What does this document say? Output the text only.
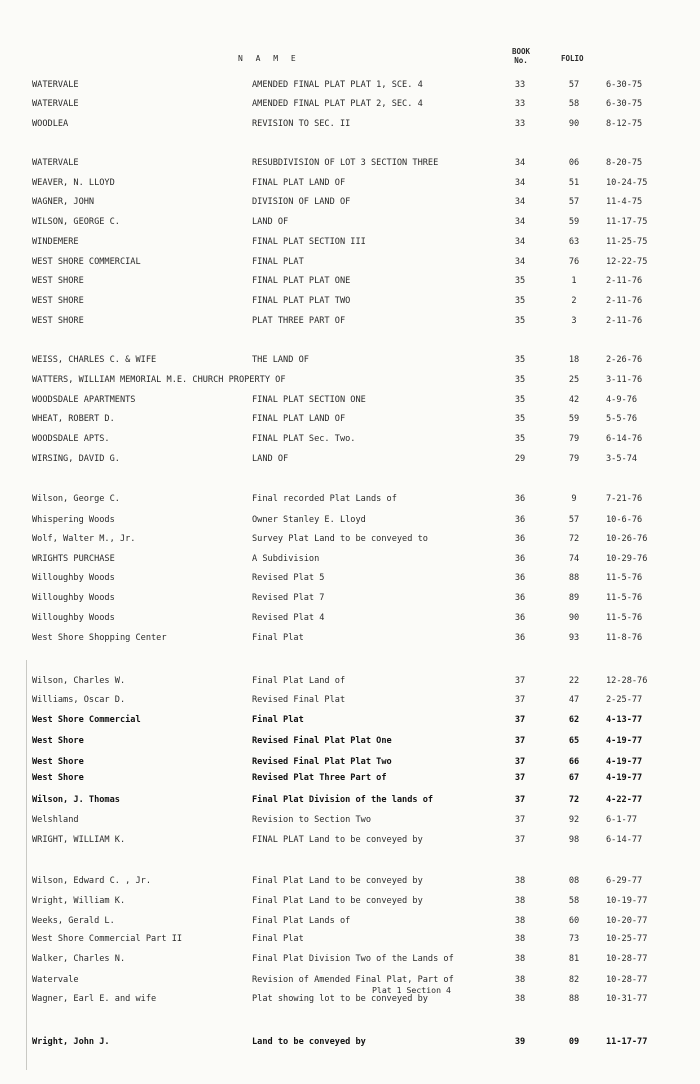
N A M E
BOOK
No.	FOLIO
WATERVALE	AMENDED FINAL PLAT PLAT 1, SCE. 4	33	57	6-30-75
WATERVALE	AMENDED FINAL PLAT PLAT 2, SEC. 4	33	58	6-30-75
WOODLEA	REVISION TO SEC. II	33	90	8-12-75
WATERVALE	RESUBDIVISION OF LOT 3 SECTION THREE	34	06	8-20-75
WEAVER, N. LLOYD	FINAL PLAT LAND OF	34	51	10-24-75
WAGNER, JOHN	DIVISION OF LAND OF	34	57	11-4-75
WILSON, GEORGE C.	LAND OF	34	59	11-17-75
WINDEMERE	FINAL PLAT SECTION III	34	63	11-25-75
WEST SHORE COMMERCIAL	FINAL PLAT	34	76	12-22-75
WEST SHORE	FINAL PLAT PLAT ONE	35	1	2-11-76
WEST SHORE	FINAL PLAT PLAT TWO	35	2	2-11-76
WEST SHORE	PLAT THREE PART OF	35	3	2-11-76
WEISS, CHARLES C. & WIFE	THE LAND OF	35	18	2-26-76
WATTERS, WILLIAM MEMORIAL M.E. CHURCH PROPERTY OF	35	25	3-11-76
WOODSDALE APARTMENTS	FINAL PLAT SECTION ONE	35	42	4-9-76
WHEAT, ROBERT D.	FINAL PLAT LAND OF	35	59	5-5-76
WOODSDALE APTS.	FINAL PLAT Sec. Two.	35	79	6-14-76
WIRSING, DAVID G.	LAND OF	29	79	3-5-74
Wilson, George C.	Final recorded Plat Lands of	36	9	7-21-76
Whispering Woods	Owner Stanley E. Lloyd	36	57	10-6-76
Wolf, Walter M., Jr.	Survey Plat Land to be conveyed to	36	72	10-26-76
WRIGHTS PURCHASE	A Subdivision	36	74	10-29-76
Willoughby Woods	Revised Plat 5	36	88	11-5-76
Willoughby Woods	Revised Plat 7	36	89	11-5-76
Willoughby Woods	Revised Plat 4	36	90	11-5-76
West Shore Shopping Center	Final Plat	36	93	11-8-76
Wilson, Charles W.	Final Plat Land of	37	22	12-28-76
Williams, Oscar D.	Revised Final Plat	37	47	2-25-77
West Shore Commercial	Final Plat	37	62	4-13-77
West Shore	Revised Final Plat Plat One	37	65	4-19-77
West Shore	Revised Final Plat Plat Two	37	66	4-19-77
West Shore	Revised Plat Three Part of	37	67	4-19-77
Wilson, J. Thomas	Final Plat Division of the lands of	37	72	4-22-77
Welshland	Revision to Section Two	37	92	6-1-77
WRIGHT, WILLIAM K.	FINAL PLAT Land to be conveyed by	37	98	6-14-77
Wilson, Edward C. , Jr.	Final Plat Land to be conveyed by	38	08	6-29-77
Wright, William K.	Final Plat Land to be conveyed by	38	58	10-19-77
Weeks, Gerald L.	Final Plat Lands of	38	60	10-20-77
West Shore Commercial Part II	Final Plat	38	73	10-25-77
Walker, Charles N.	Final Plat Division Two of the Lands of	38	81	10-28-77
Watervale	Revision of Amended Final Plat, Part of	38	82	10-28-77
Wagner, Earl E. and wife	Plat showing lot to be conveyed by	38	88	10-31-77
Wright, John J.	Land to be conveyed by	39	09	11-17-77
Plat 1 Section 4
